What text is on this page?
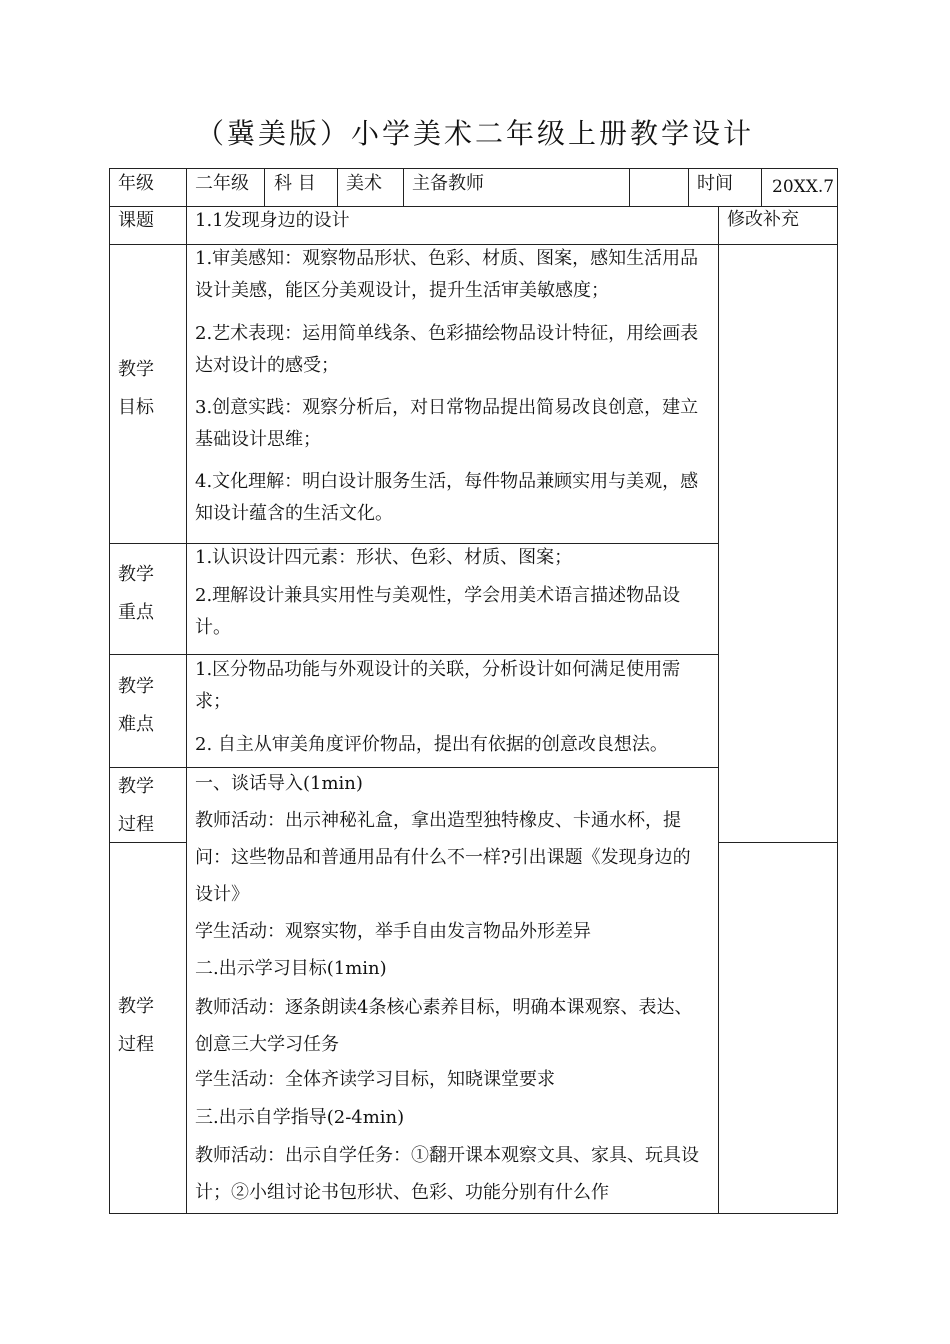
（冀美版）小学美术二年级上册教学设计
年级 二年级 科 目 美术 主备教师	时间 20XX.7
课题 1.1发现身边的设计	修改补充
教学
目标
1.审美感知：观察物品形状、色彩、材质、图案，感知生活用品设计美感，能区分美观设计，提升生活审美敏感度；
2.艺术表现：运用简单线条、色彩描绘物品设计特征，用绘画表达对设计的感受；
3.创意实践：观察分析后，对日常物品提出简易改良创意，建立基础设计思维；
4.文化理解：明白设计服务生活，每件物品兼顾实用与美观，感知设计蕴含的生活文化。
教学
重点
1.认识设计四元素：形状、色彩、材质、图案；
2.理解设计兼具实用性与美观性，学会用美术语言描述物品设计。
教学
难点
1.区分物品功能与外观设计的关联，分析设计如何满足使用需 求；
2. 自主从审美角度评价物品，提出有依据的创意改良想法。
教学
过程
教学
过程
一、谈话导入(1min)
教师活动：出示神秘礼盒，拿出造型独特橡皮、卡通水杯，提问：这些物品和普通用品有什么不一样?引出课题《发现身边的设计》
学生活动：观察实物，举手自由发言物品外形差异
二.出示学习目标(1min)
教师活动：逐条朗读4条核心素养目标，明确本课观察、表达、创意三大学习任务
学生活动：全体齐读学习目标，知晓课堂要求
三.出示自学指导(2-4min)
教师活动：出示自学任务：①翻开课本观察文具、家具、玩具设计；②小组讨论书包形状、色彩、功能分别有什么作
